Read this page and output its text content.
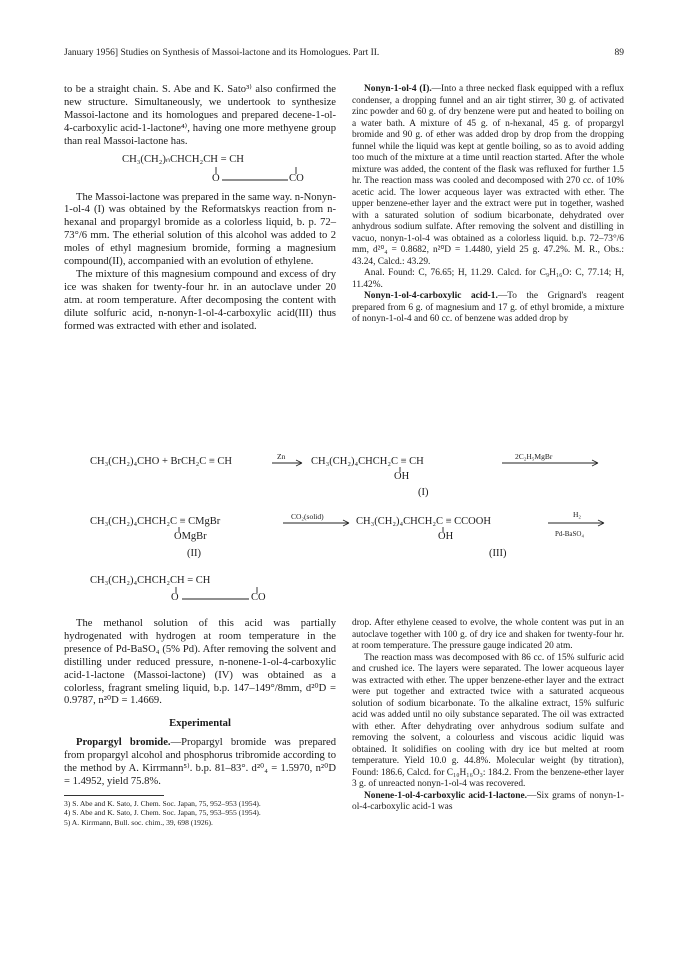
January 1956] Studies on Synthesis of Massoi-lactone and its Homologues. Part II.	89

to be a straight chain. S. Abe and K. Sato³⁾ also confirmed the new structure. Simultaneously, we undertook to synthesize Massoi-lactone and its homologues and prepared decene-1-ol-4-carboxylic acid-1-lactone⁴⁾, having one more methyene group than real Massoi-lactone has.

CH₃(CH₂)ₙCHCH₂CH = CH
O	CO

The Massoi-lactone was prepared in the same way. n-Nonyn-1-ol-4 (I) was obtained by the Reformatskys reaction from n-hexanal and propargyl bromide as a colorless liquid, b. p. 72–73°/6 mm. The etherial solution of this alcohol was added to 2 moles of ethyl magnesium bromide, forming a magnesium compound(II), accompanied with an evolution of ethylene.

The mixture of this magnesium compound and excess of dry ice was shaken for twenty-four hr. in an autoclave under 20 atm. at room temperature. After decomposing the content with dilute solfuric acid, n-nonyn-1-ol-4-carboxylic acid(III) thus formed was extracted with ether and isolated.

Nonyn-1-ol-4 (I).—Into a three necked flask equipped with a reflux condenser, a dropping funnel and an air tight stirrer, 30 g. of activated zinc powder and 60 g. of dry benzene were put and heated to boiling on a water bath. A mixture of 45 g. of n-hexanal, 45 g. of propargyl bromide and 90 g. of ether was added drop by drop from the dropping funnel while the liquid was kept at gentle boiling, so as to avoid adding too much of the mixture at a time until reaction started. After the whole mixture was added, the content of the flask was refluxed for further 1.5 hr. The reaction mass was cooled and decomposed with 270 cc. of 10% acetic acid. The lower acqueous layer was extracted with ether. The upper benzene-ether layer and the extract were put in together, washed with a saturated solution of sodium bicarbonate, dehydrated over anhydrous sodium sulfate. After removing the solvent and distilling in vacuo, nonyn-1-ol-4 was obtained as a colorless liquid. b.p. 72–73°/6 mm, d²⁰₄ = 0.8682, n²⁰D = 1.4480, yield 25 g. 47.2%. M. R., Obs.: 43.24, Calcd.: 43.29.

Anal. Found: C, 76.65; H, 11.29. Calcd. for C₉H₁₆O: C, 77.14; H, 11.42%.

Nonyn-1-ol-4-carboxylic acid-1.—To the Grignard's reagent prepared from 6 g. of magnesium and 17 g. of ethyl bromide, a mixture of nonyn-1-ol-4 and 60 cc. of benzene was added drop by

CH₃(CH₂)₄CHO + BrCH₂C ≡ CH	Zn CH₃(CH₂)₄CHCH₂C ≡ CH
OH
2C₂H₅MgBr
(I)
CH₃(CH₂)₄CHCH₂C ≡ CMgBr
OMgBr
(II)
CO₂(solid)	CH₃(CH₂)₄CHCH₂C ≡ CCOOH
OH
(III)
H₂
Pd-BaSO₄
CH₃(CH₂)₄CHCH₂CH = CH
O	CO

The methanol solution of this acid was partially hydrogenated with hydrogen at room temperature in the presence of Pd-BaSO₄ (5% Pd). After removing the solvent and distilling under reduced pressure, n-nonene-1-ol-4-carboxylic acid-1-lactone (Massoi-lactone) (IV) was obtained as a colorless, fragrant smeling liquid, b.p. 147–149°/8mm, d²⁰D = 0.9787, n²⁰D = 1.4669.

Experimental

Propargyl bromide.—Propargyl bromide was prepared from propargyl alcohol and phosphorus tribromide according to the method by A. Kirrmann⁵⁾. b.p. 81–83°. d²⁰₄ = 1.5970, n²⁰D = 1.4952, yield 75.8%.

3) S. Abe and K. Sato, J. Chem. Soc. Japan, 75, 952–953 (1954).
4) S. Abe and K. Sato, J. Chem. Soc. Japan, 75, 953–955 (1954).
5) A. Kirrmann, Bull. soc. chim., 39, 698 (1926).

drop. After ethylene ceased to evolve, the whole content was put in an autoclave together with 100 g. of dry ice and shaken for twenty-four hr. at room temperature. The pressure gauge indicated 20 atm.

The reaction mass was decomposed with 86 cc. of 15% sulfuric acid and crushed ice. The layers were separated. The lower acqueous layer was extracted with ether. The upper benzene-ether layer and the extract were put together and extracted twice with a saturated acqueous solution of sodium bicarbonate. To the alkaline extract, 15% sulfuric acid was added until no oily substance separated. The oil was extracted with ether. After dehydrating over anhydrous sodium sulfate and removing the solvent, a colourless and viscous acidic liquid was obtained. It solidifies on cooling with dry ice but melted at room temperature. Yield 10.0 g. 44.8%. Molecular weight (by titration), Found: 186.6, Calcd. for C₁₀H₁₆O₃: 184.2. From the benzene-ether layer 3 g. of unreacted nonyn-1-ol-4 was recovered.

Nonene-1-ol-4-carboxylic acid-1-lactone.—Six grams of nonyn-1-ol-4-carboxylic acid-1 was
